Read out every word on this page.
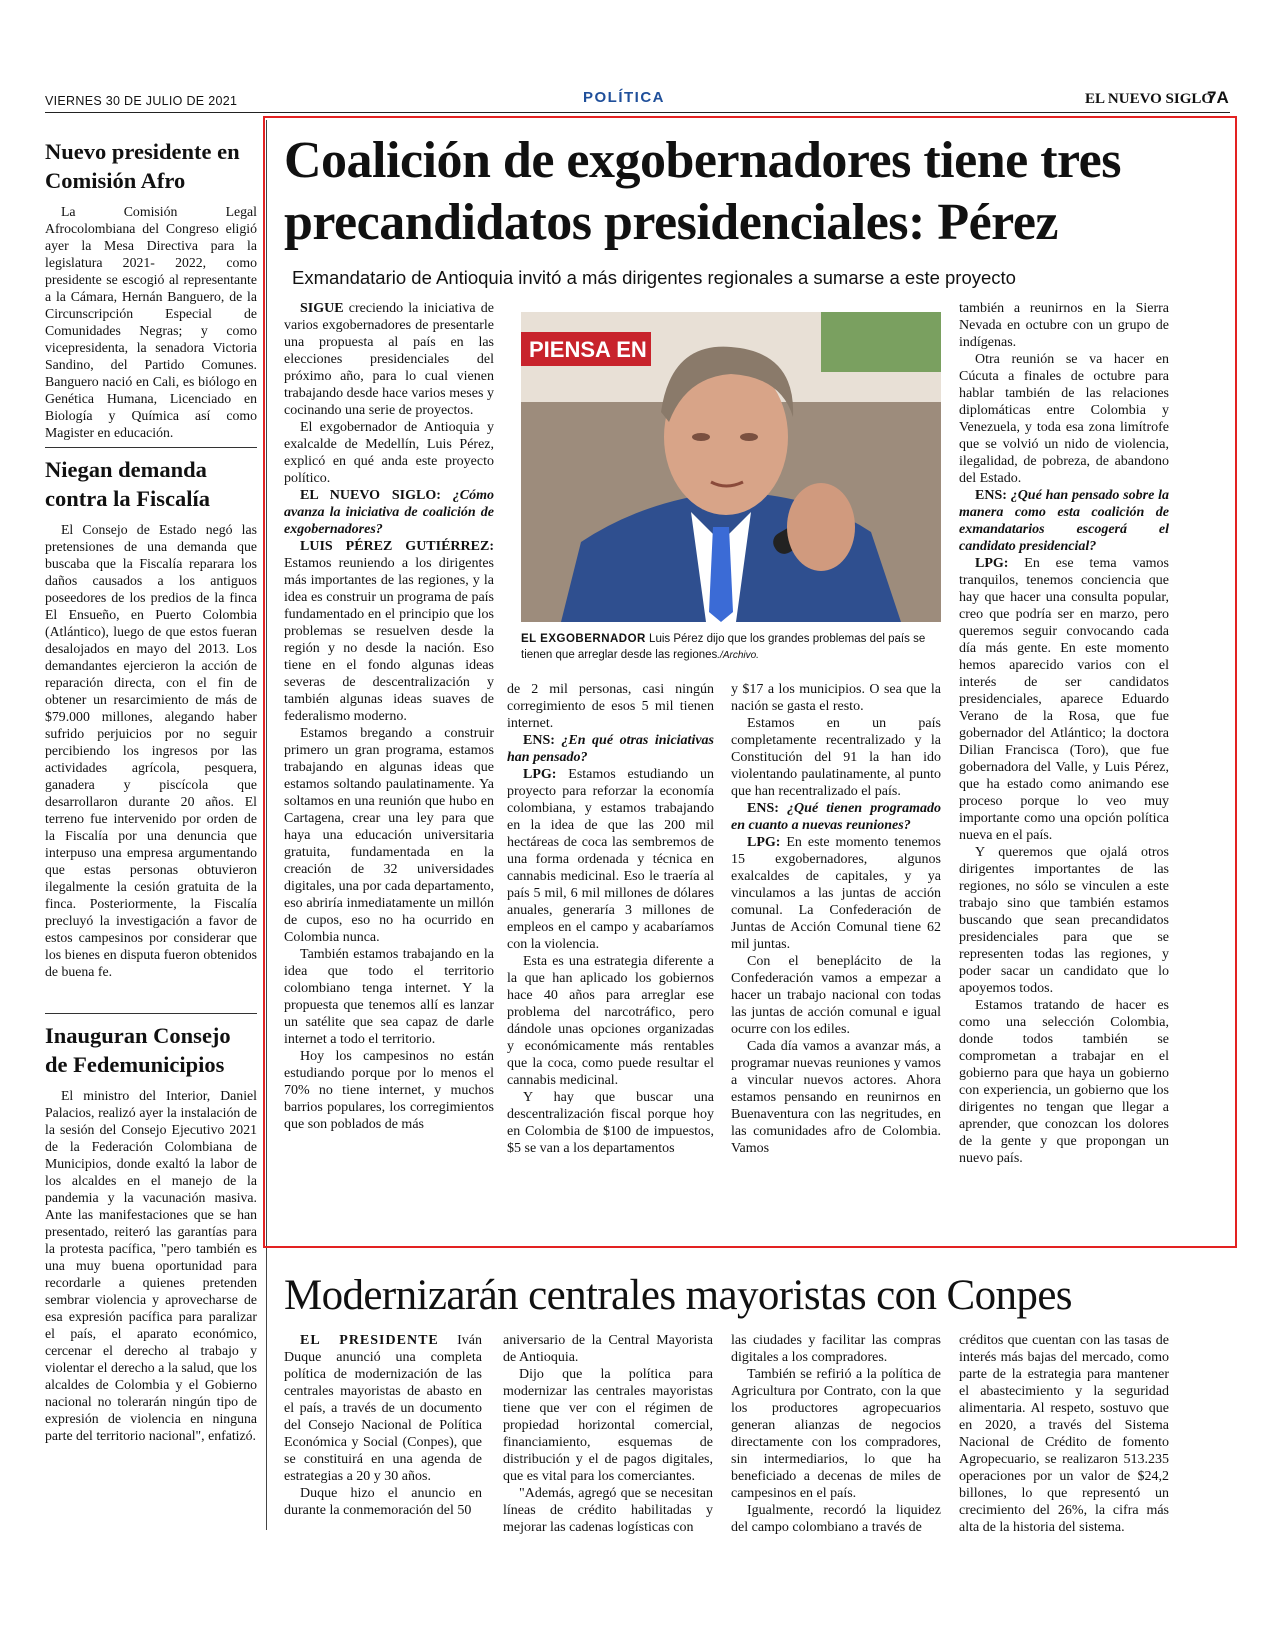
VIERNES 30 DE JULIO DE 2021	POLÍTICA	EL NUEVO SIGLO
7A
Nuevo presidente en Comisión Afro

La Comisión Legal Afrocolombiana del Congreso eligió ayer la Mesa Directiva para la legislatura 2021- 2022, como presidente se escogió al representante a la Cámara, Hernán Banguero, de la Circunscripción Especial de Comunidades Negras; y como vicepresidenta, la senadora Victoria Sandino, del Partido Comunes. Banguero nació en Cali, es biólogo en Genética Humana, Licenciado en Biología y Química así como Magister en educación.

Niegan demanda contra la Fiscalía

El Consejo de Estado negó las pretensiones de una demanda que buscaba que la Fiscalía reparara los daños causados a los antiguos poseedores de los predios de la finca El Ensueño, en Puerto Colombia (Atlántico), luego de que estos fueran desalojados en mayo del 2013. Los demandantes ejercieron la acción de reparación directa, con el fin de obtener un resarcimiento de más de $79.000 millones, alegando haber sufrido perjuicios por no seguir percibiendo los ingresos por las actividades agrícola, pesquera, ganadera y piscícola que desarrollaron durante 20 años. El terreno fue intervenido por orden de la Fiscalía por una denuncia que interpuso una empresa argumentando que estas personas obtuvieron ilegalmente la cesión gratuita de la finca. Posteriormente, la Fiscalía precluyó la investigación a favor de estos campesinos por considerar que los bienes en disputa fueron obtenidos de buena fe.

Inauguran Consejo de Fedemunicipios

El ministro del Interior, Daniel Palacios, realizó ayer la instalación de la sesión del Consejo Ejecutivo 2021 de la Federación Colombiana de Municipios, donde exaltó la labor de los alcaldes en el manejo de la pandemia y la vacunación masiva. Ante las manifestaciones que se han presentado, reiteró las garantías para la protesta pacífica, "pero también es una muy buena oportunidad para recordarle a quienes pretenden sembrar violencia y aprovecharse de esa expresión pacífica para paralizar el país, el aparato económico, cercenar el derecho al trabajo y violentar el derecho a la salud, que los alcaldes de Colombia y el Gobierno nacional no tolerarán ningún tipo de expresión de violencia en ninguna parte del territorio nacional", enfatizó.

Coalición de exgobernadores tiene tres precandidatos presidenciales: Pérez
Exmandatario de Antioquia invitó a más dirigentes regionales a sumarse a este proyecto

SIGUE creciendo la iniciativa de varios exgobernadores de presentarle una propuesta al país en las elecciones presidenciales del próximo año, para lo cual vienen trabajando desde hace varios meses y cocinando una serie de proyectos.

El exgobernador de Antioquia y exalcalde de Medellín, Luis Pérez, explicó en qué anda este proyecto político.

EL NUEVO SIGLO: ¿Cómo avanza la iniciativa de coalición de exgobernadores?

LUIS PÉREZ GUTIÉRREZ: Estamos reuniendo a los dirigentes más importantes de las regiones, y la idea es construir un programa de país fundamentado en el principio que los problemas se resuelven desde la región y no desde la nación. Eso tiene en el fondo algunas ideas severas de descentralización y también algunas ideas suaves de federalismo moderno.

Estamos bregando a construir primero un gran programa, estamos trabajando en algunas ideas que estamos soltando paulatinamente. Ya soltamos en una reunión que hubo en Cartagena, crear una ley para que haya una educación universitaria gratuita, fundamentada en la creación de 32 universidades digitales, una por cada departamento, eso abriría inmediatamente un millón de cupos, eso no ha ocurrido en Colombia nunca.

También estamos trabajando en la idea que todo el territorio colombiano tenga internet. Y la propuesta que tenemos allí es lanzar un satélite que sea capaz de darle internet a todo el territorio.

Hoy los campesinos no están estudiando porque por lo menos el 70% no tiene internet, y muchos barrios populares, los corregimientos que son poblados de más

PIENSA EN
EL EXGOBERNADOR Luis Pérez dijo que los grandes problemas del país se tienen que arreglar desde las regiones./Archivo.

de 2 mil personas, casi ningún corregimiento de esos 5 mil tienen internet.

ENS: ¿En qué otras iniciativas han pensado?

LPG: Estamos estudiando un proyecto para reforzar la economía colombiana, y estamos trabajando en la idea de que las 200 mil hectáreas de coca las sembremos de una forma ordenada y técnica en cannabis medicinal. Eso le traería al país 5 mil, 6 mil millones de dólares anuales, generaría 3 millones de empleos en el campo y acabaríamos con la violencia.

Esta es una estrategia diferente a la que han aplicado los gobiernos hace 40 años para arreglar ese problema del narcotráfico, pero dándole unas opciones organizadas y económicamente más rentables que la coca, como puede resultar el cannabis medicinal.

Y hay que buscar una descentralización fiscal porque hoy en Colombia de $100 de impuestos, $5 se van a los departamentos

y $17 a los municipios. O sea que la nación se gasta el resto.

Estamos en un país completamente recentralizado y la Constitución del 91 la han ido violentando paulatinamente, al punto que han recentralizado el país.

ENS: ¿Qué tienen programado en cuanto a nuevas reuniones?

LPG: En este momento tenemos 15 exgobernadores, algunos exalcaldes de capitales, y ya vinculamos a las juntas de acción comunal. La Confederación de Juntas de Acción Comunal tiene 62 mil juntas.

Con el beneplácito de la Confederación vamos a empezar a hacer un trabajo nacional con todas las juntas de acción comunal e igual ocurre con los ediles.

Cada día vamos a avanzar más, a programar nuevas reuniones y vamos a vincular nuevos actores. Ahora estamos pensando en reunirnos en Buenaventura con las negritudes, en las comunidades afro de Colombia. Vamos

también a reunirnos en la Sierra Nevada en octubre con un grupo de indígenas.

Otra reunión se va hacer en Cúcuta a finales de octubre para hablar también de las relaciones diplomáticas entre Colombia y Venezuela, y toda esa zona limítrofe que se volvió un nido de violencia, ilegalidad, de pobreza, de abandono del Estado.

ENS: ¿Qué han pensado sobre la manera como esta coalición de exmandatarios escogerá el candidato presidencial?

LPG: En ese tema vamos tranquilos, tenemos conciencia que hay que hacer una consulta popular, creo que podría ser en marzo, pero queremos seguir convocando cada día más gente. En este momento hemos aparecido varios con el interés de ser candidatos presidenciales, aparece Eduardo Verano de la Rosa, que fue gobernador del Atlántico; la doctora Dilian Francisca (Toro), que fue gobernadora del Valle, y Luis Pérez, que ha estado como animando ese proceso porque lo veo muy importante como una opción política nueva en el país.

Y queremos que ojalá otros dirigentes importantes de las regiones, no sólo se vinculen a este trabajo sino que también estamos buscando que sean precandidatos presidenciales para que se representen todas las regiones, y poder sacar un candidato que lo apoyemos todos.

Estamos tratando de hacer es como una selección Colombia, donde todos también se comprometan a trabajar en el gobierno para que haya un gobierno con experiencia, un gobierno que los dirigentes no tengan que llegar a aprender, que conozcan los dolores de la gente y que propongan un nuevo país.

Modernizarán centrales mayoristas con Conpes

EL PRESIDENTE Iván Duque anunció una completa política de modernización de las centrales mayoristas de abasto en el país, a través de un documento del Consejo Nacional de Política Económica y Social (Conpes), que se constituirá en una agenda de estrategias a 20 y 30 años.

Duque hizo el anuncio en durante la conmemoración del 50

aniversario de la Central Mayorista de Antioquia.

Dijo que la política para modernizar las centrales mayoristas tiene que ver con el régimen de propiedad horizontal comercial, financiamiento, esquemas de distribución y el de pagos digitales, que es vital para los comerciantes.

"Además, agregó que se necesitan líneas de crédito habilitadas y mejorar las cadenas logísticas con

las ciudades y facilitar las compras digitales a los compradores.

También se refirió a la política de Agricultura por Contrato, con la que los productores agropecuarios generan alianzas de negocios directamente con los compradores, sin intermediarios, lo que ha beneficiado a decenas de miles de campesinos en el país.

Igualmente, recordó la liquidez del campo colombiano a través de

créditos que cuentan con las tasas de interés más bajas del mercado, como parte de la estrategia para mantener el abastecimiento y la seguridad alimentaria. Al respeto, sostuvo que en 2020, a través del Sistema Nacional de Crédito de fomento Agropecuario, se realizaron 513.235 operaciones por un valor de $24,2 billones, lo que representó un crecimiento del 26%, la cifra más alta de la historia del sistema.
